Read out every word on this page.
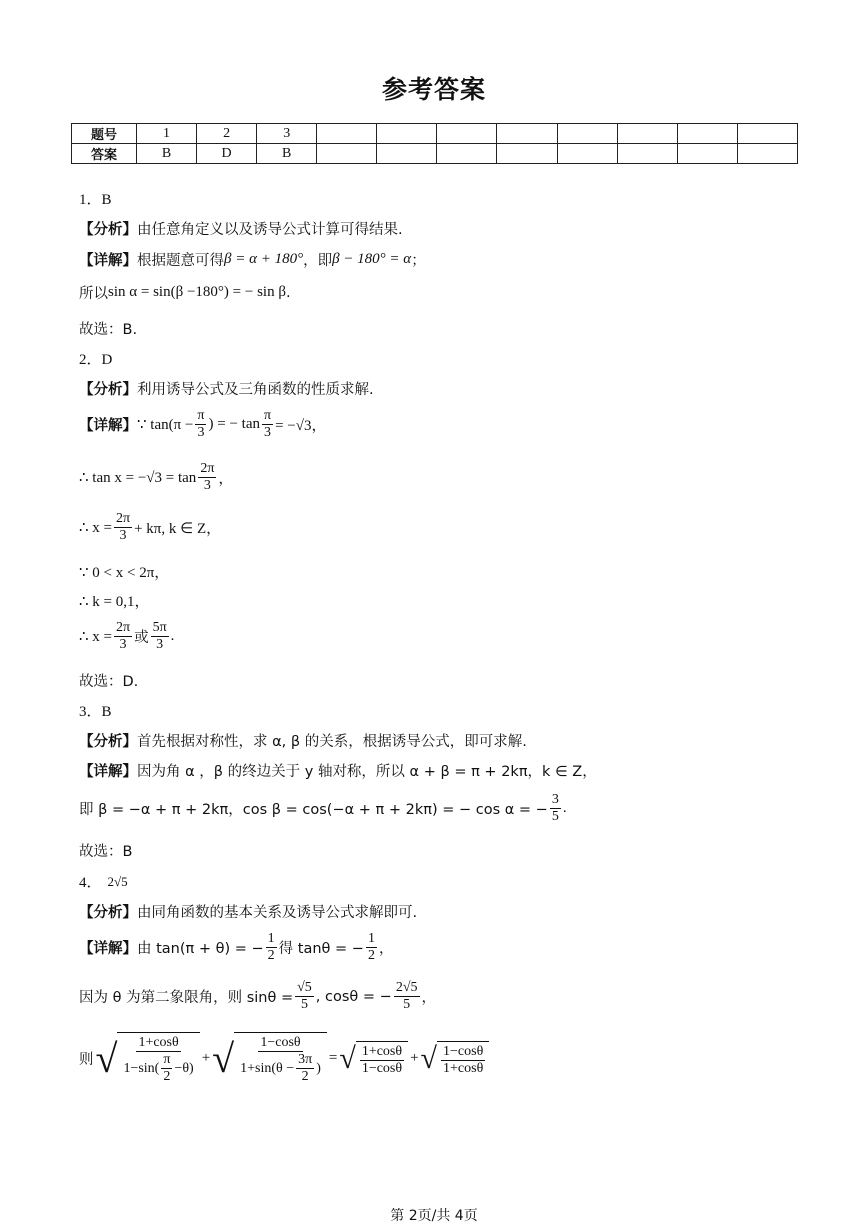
参考答案
题号	1	2	3								
答案	B	D	B								
1．B
【分析】 由任意角定义以及诱导公式计算可得结果.
【详解】 根据题意可得 β = α + 180° ，即 β − 180° = α ；
所以 sin α = sin(β −180°) = − sin β .
故选：B.
2．D
【分析】 利用诱导公式及三角函数的性质求解.
【详解】 ∵ $\tan(\pi - \frac{\pi}{3}$ ) = − $\tan \frac{\pi}{3} = -√3$，
∴ $\tan x = -√3 = \tan \frac{2\pi}{3}$ ，
∴ $x = \frac{2\pi}{3} + k\pi$, k ∈ Z，
∵ 0 < x < 2π，
∴ k = 0,1，
∴ $x = \frac{2\pi}{3}$ 或 $\frac{5\pi}{3}$ .
故选：D.
3．B
【分析】 首先根据对称性，求 α, β 的关系，根据诱导公式，即可求解.
【详解】 因为角 α ，β 的终边关于 y 轴对称，所以 α + β = π + 2kπ，k ∈ Z，
即 β = −α + π + 2kπ，cos β = cos(−α + π + 2kπ) = − cos α = − $\frac{3}{5}$ .
故选：B
4． 2√5
【分析】 由同角函数的基本关系及诱导公式求解即可.
【详解】 由 tan(π + θ) = − $\frac{1}{2}$ 得 tanθ = − $\frac{1}{2}$ ，
因为 θ 为第二象限角，则 $\sin\theta = \frac{√5}{5}$ , cosθ = − $\frac{2√5}{5}$ ，
则 √ $\frac{1+\cos\theta}{1-\sin( \frac{\pi}{2} -\theta)}$ + √ $\frac{1-\cos\theta}{1+\sin(\theta - \frac{3\pi}{2} )}$ = √ $\frac{1+\cos\theta}{1-\cos\theta}$ + √ $\frac{1-\cos\theta}{1+\cos\theta}$
第 2页/共 4页
